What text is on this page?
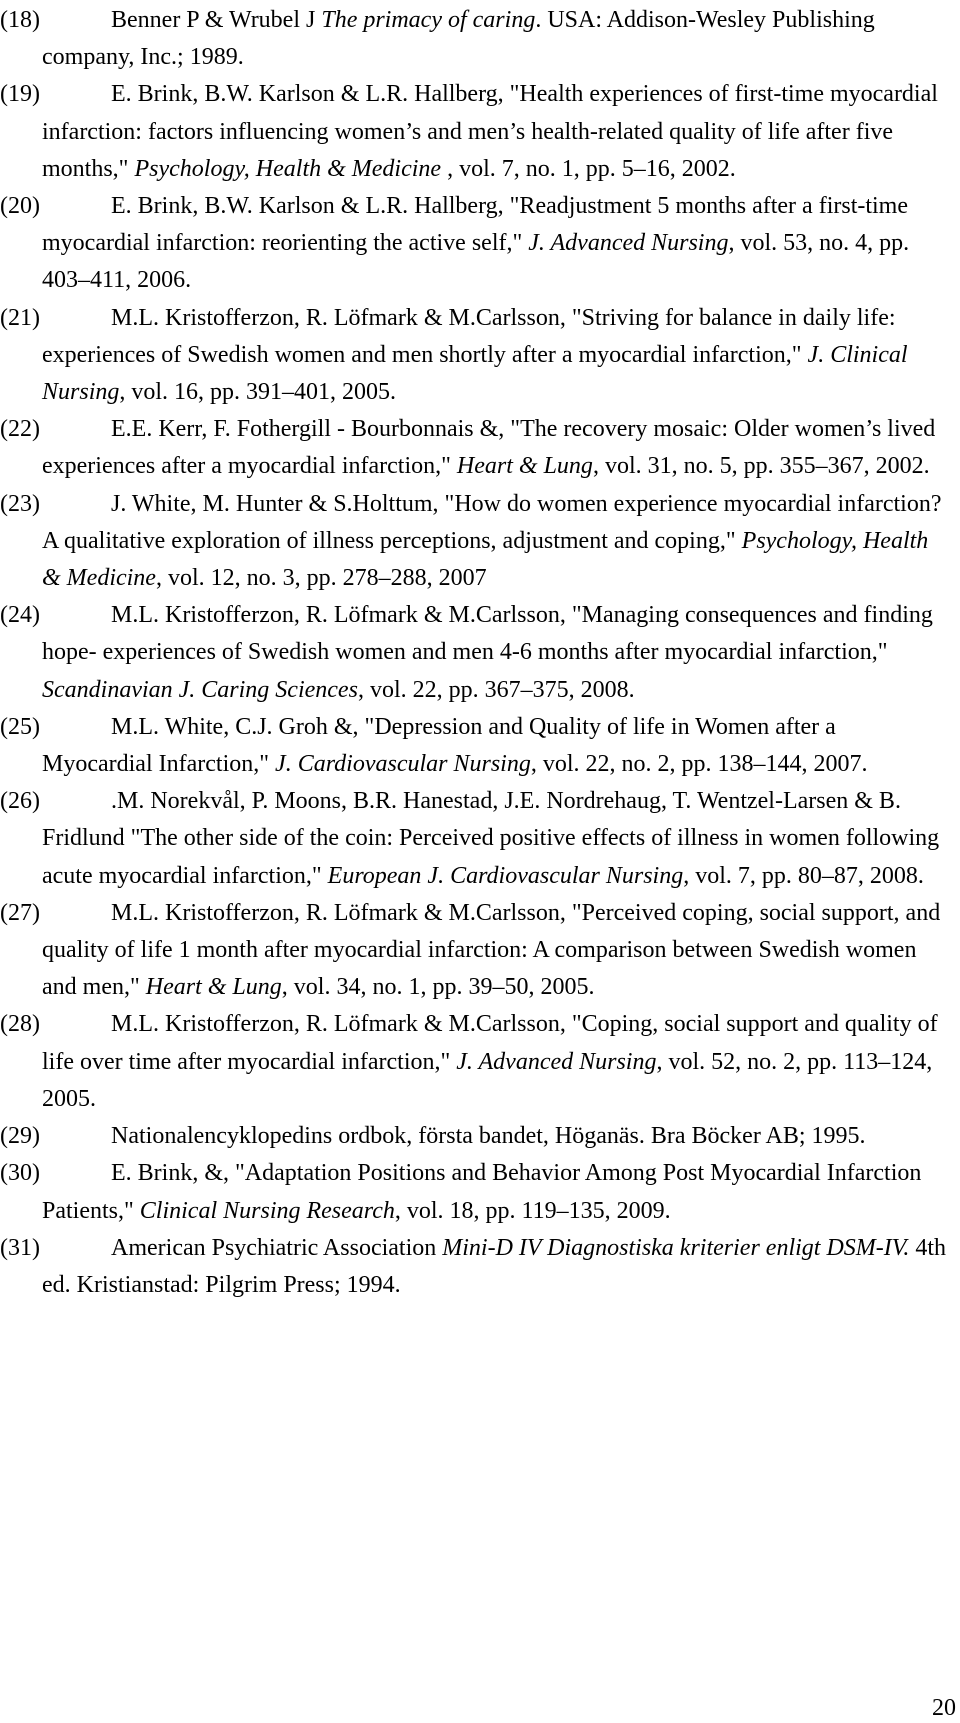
(18)	Benner P & Wrubel J The primacy of caring. USA: Addison-Wesley Publishing company, Inc.; 1989.

(19)	E. Brink, B.W. Karlson & L.R. Hallberg, "Health experiences of first-time myocardial infarction: factors influencing women’s and men’s health-related quality of life after five months," Psychology, Health & Medicine , vol. 7, no. 1, pp. 5–16, 2002.

(20)	E. Brink, B.W. Karlson & L.R. Hallberg, "Readjustment 5 months after a first-time myocardial infarction: reorienting the active self," J. Advanced Nursing, vol. 53, no. 4, pp. 403–411, 2006.

(21)	M.L. Kristofferzon, R. Löfmark & M.Carlsson, "Striving for balance in daily life: experiences of Swedish women and men shortly after a myocardial infarction," J. Clinical Nursing, vol. 16, pp. 391–401, 2005.

(22)	E.E. Kerr, F. Fothergill - Bourbonnais &, "The recovery mosaic: Older women’s lived experiences after a myocardial infarction," Heart & Lung, vol. 31, no. 5, pp. 355–367, 2002.

(23)	J. White, M. Hunter & S.Holttum, "How do women experience myocardial infarction? A qualitative exploration of illness perceptions, adjustment and coping," Psychology, Health & Medicine, vol. 12, no. 3, pp. 278–288, 2007

(24)	M.L. Kristofferzon, R. Löfmark & M.Carlsson, "Managing consequences and finding hope- experiences of Swedish women and men 4-6 months after myocardial infarction," Scandinavian J. Caring Sciences, vol. 22, pp. 367–375, 2008.

(25)	M.L. White, C.J. Groh &, "Depression and Quality of life in Women after a Myocardial Infarction," J. Cardiovascular Nursing, vol. 22, no. 2, pp. 138–144, 2007.

(26)	.M. Norekvål, P. Moons, B.R. Hanestad, J.E. Nordrehaug, T. Wentzel-Larsen & B. Fridlund "The other side of the coin: Perceived positive effects of illness in women following acute myocardial infarction," European J. Cardiovascular Nursing, vol. 7, pp. 80–87, 2008.

(27)	M.L. Kristofferzon, R. Löfmark & M.Carlsson, "Perceived coping, social support, and quality of life 1 month after myocardial infarction: A comparison between Swedish women and men," Heart & Lung, vol. 34, no. 1, pp. 39–50, 2005.

(28)	M.L. Kristofferzon, R. Löfmark & M.Carlsson, "Coping, social support and quality of life over time after myocardial infarction," J. Advanced Nursing, vol. 52, no. 2, pp. 113–124, 2005.

(29)	Nationalencyklopedins ordbok, första bandet, Höganäs. Bra Böcker AB; 1995.

(30)	E. Brink, &, "Adaptation Positions and Behavior Among Post Myocardial Infarction Patients," Clinical Nursing Research, vol. 18, pp. 119–135, 2009.

(31)	American Psychiatric Association Mini-D IV Diagnostiska kriterier enligt DSM-IV. 4th ed. Kristianstad: Pilgrim Press; 1994.

20
